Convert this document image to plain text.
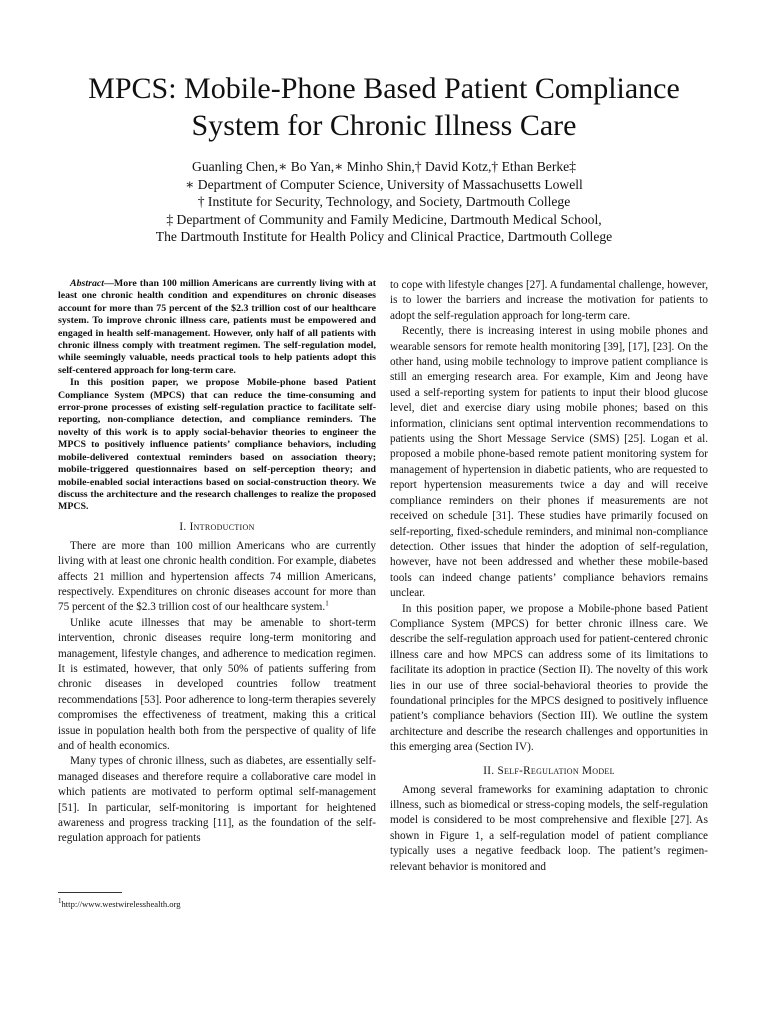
MPCS: Mobile-Phone Based Patient Compliance
System for Chronic Illness Care
Guanling Chen,∗ Bo Yan,∗ Minho Shin,† David Kotz,† Ethan Berke‡
∗ Department of Computer Science, University of Massachusetts Lowell
† Institute for Security, Technology, and Society, Dartmouth College
‡ Department of Community and Family Medicine, Dartmouth Medical School,
The Dartmouth Institute for Health Policy and Clinical Practice, Dartmouth College

Abstract—More than 100 million Americans are currently living with at least one chronic health condition and expenditures on chronic diseases account for more than 75 percent of the $2.3 trillion cost of our healthcare system. To improve chronic illness care, patients must be empowered and engaged in health self-management. However, only half of all patients with chronic illness comply with treatment regimen. The self-regulation model, while seemingly valuable, needs practical tools to help patients adopt this self-centered approach for long-term care.

In this position paper, we propose Mobile-phone based Patient Compliance System (MPCS) that can reduce the time-consuming and error-prone processes of existing self-regulation practice to facilitate self-reporting, non-compliance detection, and compliance reminders. The novelty of this work is to apply social-behavior theories to engineer the MPCS to positively influence patients’ compliance behaviors, including mobile-delivered contextual reminders based on association theory; mobile-triggered questionnaires based on self-perception theory; and mobile-enabled social interactions based on social-construction theory. We discuss the architecture and the research challenges to realize the proposed MPCS.

I. Introduction

There are more than 100 million Americans who are currently living with at least one chronic health condition. For example, diabetes affects 21 million and hypertension affects 74 million Americans, respectively. Expenditures on chronic diseases account for more than 75 percent of the $2.3 trillion cost of our healthcare system.$^1$

Unlike acute illnesses that may be amenable to short-term intervention, chronic diseases require long-term monitoring and management, lifestyle changes, and adherence to medication regimen. It is estimated, however, that only 50% of patients suffering from chronic diseases in developed countries follow treatment recommendations [53]. Poor adherence to long-term therapies severely compromises the effectiveness of treatment, making this a critical issue in population health both from the perspective of quality of life and of health economics.

Many types of chronic illness, such as diabetes, are essentially self-managed diseases and therefore require a collaborative care model in which patients are motivated to perform optimal self-management [51]. In particular, self-monitoring is important for heightened awareness and progress tracking [11], as the foundation of the self-regulation approach for patients

$^1$http://www.westwirelesshealth.org

to cope with lifestyle changes [27]. A fundamental challenge, however, is to lower the barriers and increase the motivation for patients to adopt the self-regulation approach for long-term care.

Recently, there is increasing interest in using mobile phones and wearable sensors for remote health monitoring [39], [17], [23]. On the other hand, using mobile technology to improve patient compliance is still an emerging research area. For example, Kim and Jeong have used a self-reporting system for patients to input their blood glucose level, diet and exercise diary using mobile phones; based on this information, clinicians sent optimal intervention recommendations to patients using the Short Message Service (SMS) [25]. Logan et al. proposed a mobile phone-based remote patient monitoring system for management of hypertension in diabetic patients, who are requested to report hypertension measurements twice a day and will receive compliance reminders on their phones if measurements are not received on schedule [31]. These studies have primarily focused on self-reporting, fixed-schedule reminders, and minimal non-compliance detection. Other issues that hinder the adoption of self-regulation, however, have not been addressed and whether these mobile-based tools can indeed change patients’ compliance behaviors remains unclear.

In this position paper, we propose a Mobile-phone based Patient Compliance System (MPCS) for better chronic illness care. We describe the self-regulation approach used for patient-centered chronic illness care and how MPCS can address some of its limitations to facilitate its adoption in practice (Section II). The novelty of this work lies in our use of three social-behavioral theories to provide the foundational principles for the MPCS designed to positively influence patient’s compliance behaviors (Section III). We outline the system architecture and describe the research challenges and opportunities in this emerging area (Section IV).

II. Self-Regulation Model

Among several frameworks for examining adaptation to chronic illness, such as biomedical or stress-coping models, the self-regulation model is considered to be most comprehensive and flexible [27]. As shown in Figure 1, a self-regulation model of patient compliance typically uses a negative feedback loop. The patient’s regimen-relevant behavior is monitored and
